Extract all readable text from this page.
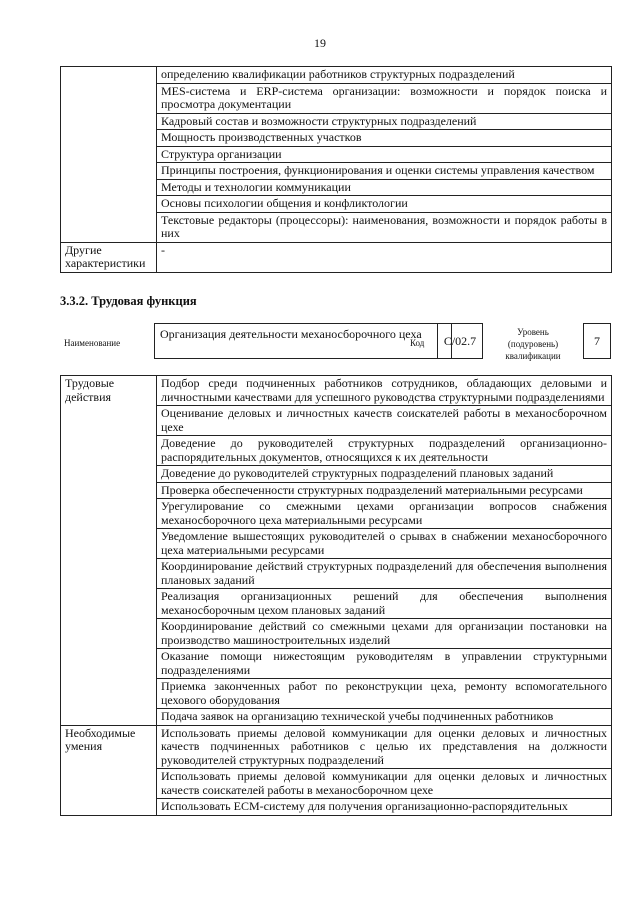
19
	определению квалификации работников структурных подразделений
	MES-система и ERP-система организации: возможности и порядок поиска и просмотра документации
	Кадровый состав и возможности структурных подразделений
	Мощность производственных участков
	Структура организации
	Принципы построения, функционирования и оценки системы управления качеством
	Методы и технологии коммуникации
	Основы психологии общения и конфликтологии
	Текстовые редакторы (процессоры): наименования, возможности и порядок работы в них
Другие характеристики	-
3.3.2. Трудовая функция
Наименование
Организация деятельности механосборочного цеха
Код	C/02.7
Уровень (подуровень) квалификации
7
Трудовые действия	Подбор среди подчиненных работников сотрудников, обладающих деловыми и личностными качествами для успешного руководства структурными подразделениями
	Оценивание деловых и личностных качеств соискателей работы в механосборочном цехе
	Доведение до руководителей структурных подразделений организационно-распорядительных документов, относящихся к их деятельности
	Доведение до руководителей структурных подразделений плановых заданий
	Проверка обеспеченности структурных подразделений материальными ресурсами
	Урегулирование со смежными цехами организации вопросов снабжения механосборочного цеха материальными ресурсами
	Уведомление вышестоящих руководителей о срывах в снабжении механосборочного цеха материальными ресурсами
	Координирование действий структурных подразделений для обеспечения выполнения плановых заданий
	Реализация организационных решений для обеспечения выполнения механосборочным цехом плановых заданий
	Координирование действий со смежными цехами для организации постановки на производство машиностроительных изделий
	Оказание помощи нижестоящим руководителям в управлении структурными подразделениями
	Приемка законченных работ по реконструкции цеха, ремонту вспомогательного цехового оборудования
	Подача заявок на организацию технической учебы подчиненных работников
Необходимые умения	Использовать приемы деловой коммуникации для оценки деловых и личностных качеств подчиненных работников с целью их представления на должности руководителей структурных подразделений
	Использовать приемы деловой коммуникации для оценки деловых и личностных качеств соискателей работы в механосборочном цехе
	Использовать ECM-систему для получения организационно-распорядительных
